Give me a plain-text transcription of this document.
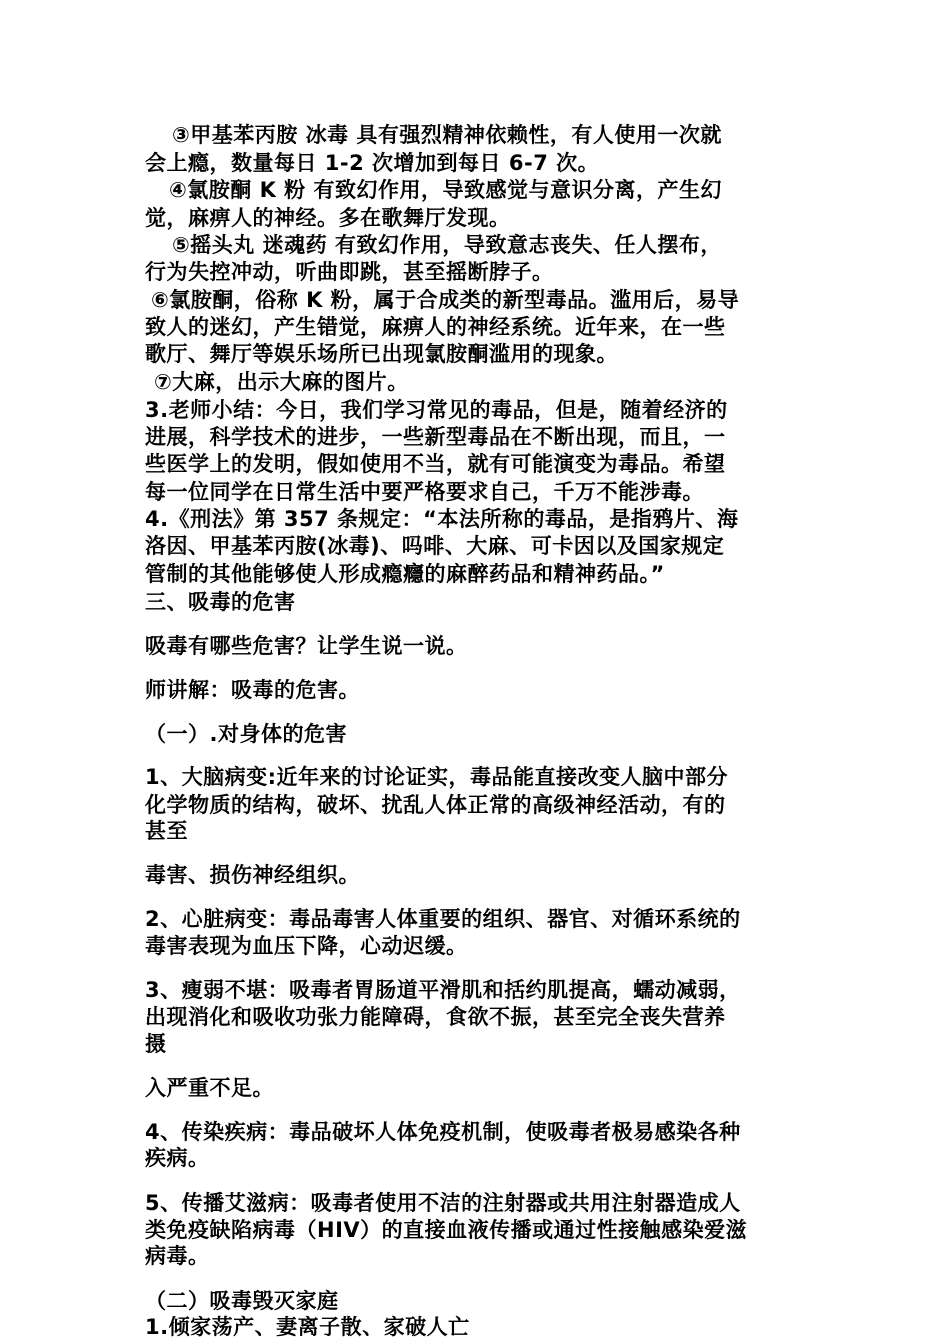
③甲基苯丙胺 冰毒 具有强烈精神依赖性，有人使用一次就
会上瘾，数量每日 1-2 次增加到每日 6-7 次。
④氯胺酮 K 粉 有致幻作用，导致感觉与意识分离，产生幻
觉，麻痹人的神经。多在歌舞厅发现。
⑤摇头丸 迷魂药 有致幻作用，导致意志丧失、任人摆布，
行为失控冲动，听曲即跳，甚至摇断脖子。
⑥氯胺酮，俗称 K 粉，属于合成类的新型毒品。滥用后，易导
致人的迷幻，产生错觉，麻痹人的神经系统。近年来，在一些
歌厅、舞厅等娱乐场所已出现氯胺酮滥用的现象。
⑦大麻，出示大麻的图片。
3.老师小结：今日，我们学习常见的毒品，但是，随着经济的
进展，科学技术的进步，一些新型毒品在不断出现，而且，一
些医学上的发明，假如使用不当，就有可能演变为毒品。希望
每一位同学在日常生活中要严格要求自己，千万不能涉毒。
4.《刑法》第 357 条规定：“本法所称的毒品，是指鸦片、海
洛因、甲基苯丙胺(冰毒)、吗啡、大麻、可卡因以及国家规定
管制的其他能够使人形成瘾癮的麻醉药品和精神药品。”
三、吸毒的危害
吸毒有哪些危害？让学生说一说。
师讲解：吸毒的危害。
（一）.对身体的危害
1、大脑病变:近年来的讨论证实，毒品能直接改变人脑中部分
化学物质的结构，破坏、扰乱人体正常的高级神经活动，有的
甚至
毒害、损伤神经组织。
2、心脏病变：毒品毒害人体重要的组织、器官、对循环系统的
毒害表现为血压下降，心动迟缓。
3、瘦弱不堪：吸毒者胃肠道平滑肌和括约肌提高，蠕动减弱，
出现消化和吸收功张力能障碍，食欲不振，甚至完全丧失营养
摄
入严重不足。
4、传染疾病：毒品破坏人体免疫机制，使吸毒者极易感染各种
疾病。
5、传播艾滋病：吸毒者使用不洁的注射器或共用注射器造成人
类免疫缺陷病毒（HIV）的直接血液传播或通过性接触感染爱滋
病毒。
（二）吸毒毁灭家庭
1.倾家荡产、妻离子散、家破人亡
